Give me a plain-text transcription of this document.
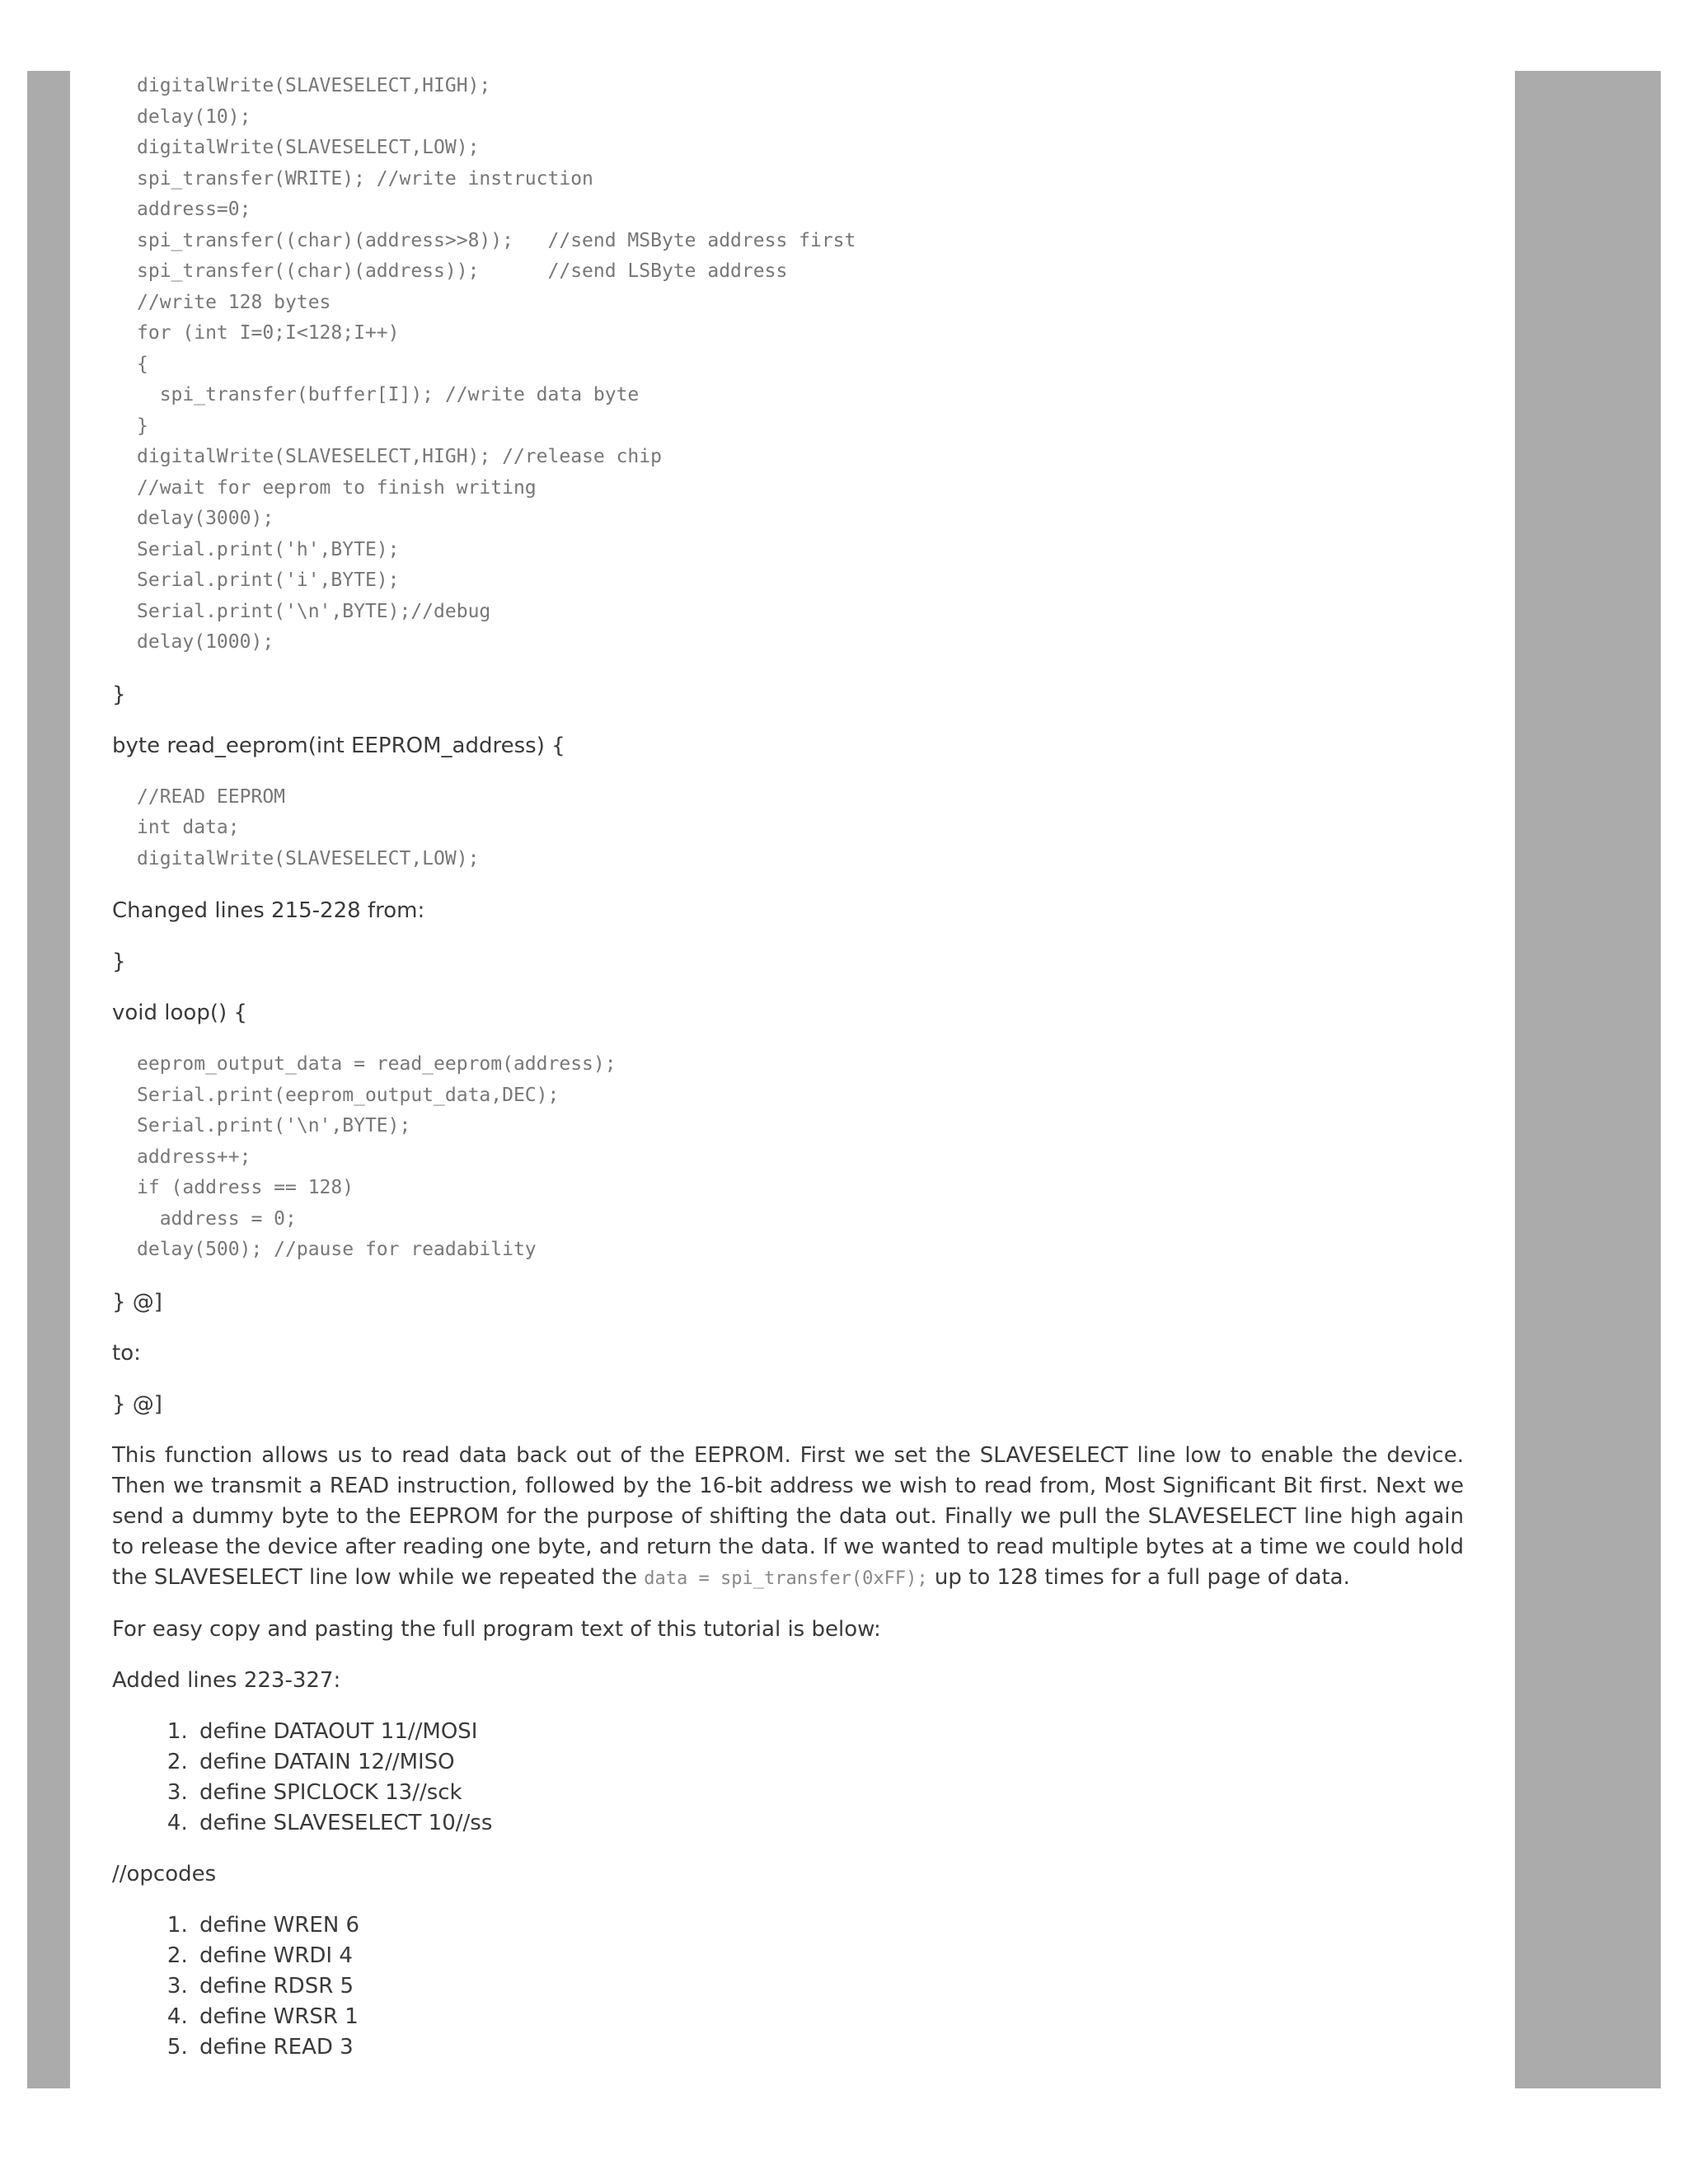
digitalWrite(SLAVESELECT,HIGH);
delay(10);
digitalWrite(SLAVESELECT,LOW);
spi_transfer(WRITE); //write instruction
address=0;
spi_transfer((char)(address>>8));   //send MSByte address first
spi_transfer((char)(address));      //send LSByte address
//write 128 bytes
for (int I=0;I<128;I++)
{
spi_transfer(buffer[I]); //write data byte
}
digitalWrite(SLAVESELECT,HIGH); //release chip
//wait for eeprom to finish writing
delay(3000);
Serial.print('h',BYTE);
Serial.print('i',BYTE);
Serial.print('\n',BYTE);//debug
delay(1000);

}

byte read_eeprom(int EEPROM_address) {

//READ EEPROM
int data;
digitalWrite(SLAVESELECT,LOW);

Changed lines 215-228 from:

}

void loop() {

eeprom_output_data = read_eeprom(address);
Serial.print(eeprom_output_data,DEC);
Serial.print('\n',BYTE);
address++;
if (address == 128)
address = 0;
delay(500); //pause for readability

} @]

to:

} @]

This function allows us to read data back out of the EEPROM. First we set the SLAVESELECT line low to enable the device. Then we transmit a READ instruction, followed by the 16-bit address we wish to read from, Most Significant Bit first. Next we send a dummy byte to the EEPROM for the purpose of shifting the data out. Finally we pull the SLAVESELECT line high again to release the device after reading one byte, and return the data. If we wanted to read multiple bytes at a time we could hold the SLAVESELECT line low while we repeated the data = spi_transfer(0xFF); up to 128 times for a full page of data.

For easy copy and pasting the full program text of this tutorial is below:

Added lines 223-327:

1. define DATAOUT 11//MOSI
2. define DATAIN 12//MISO
3. define SPICLOCK 13//sck
4. define SLAVESELECT 10//ss

//opcodes

1. define WREN 6
2. define WRDI 4
3. define RDSR 5
4. define WRSR 1
5. define READ 3
